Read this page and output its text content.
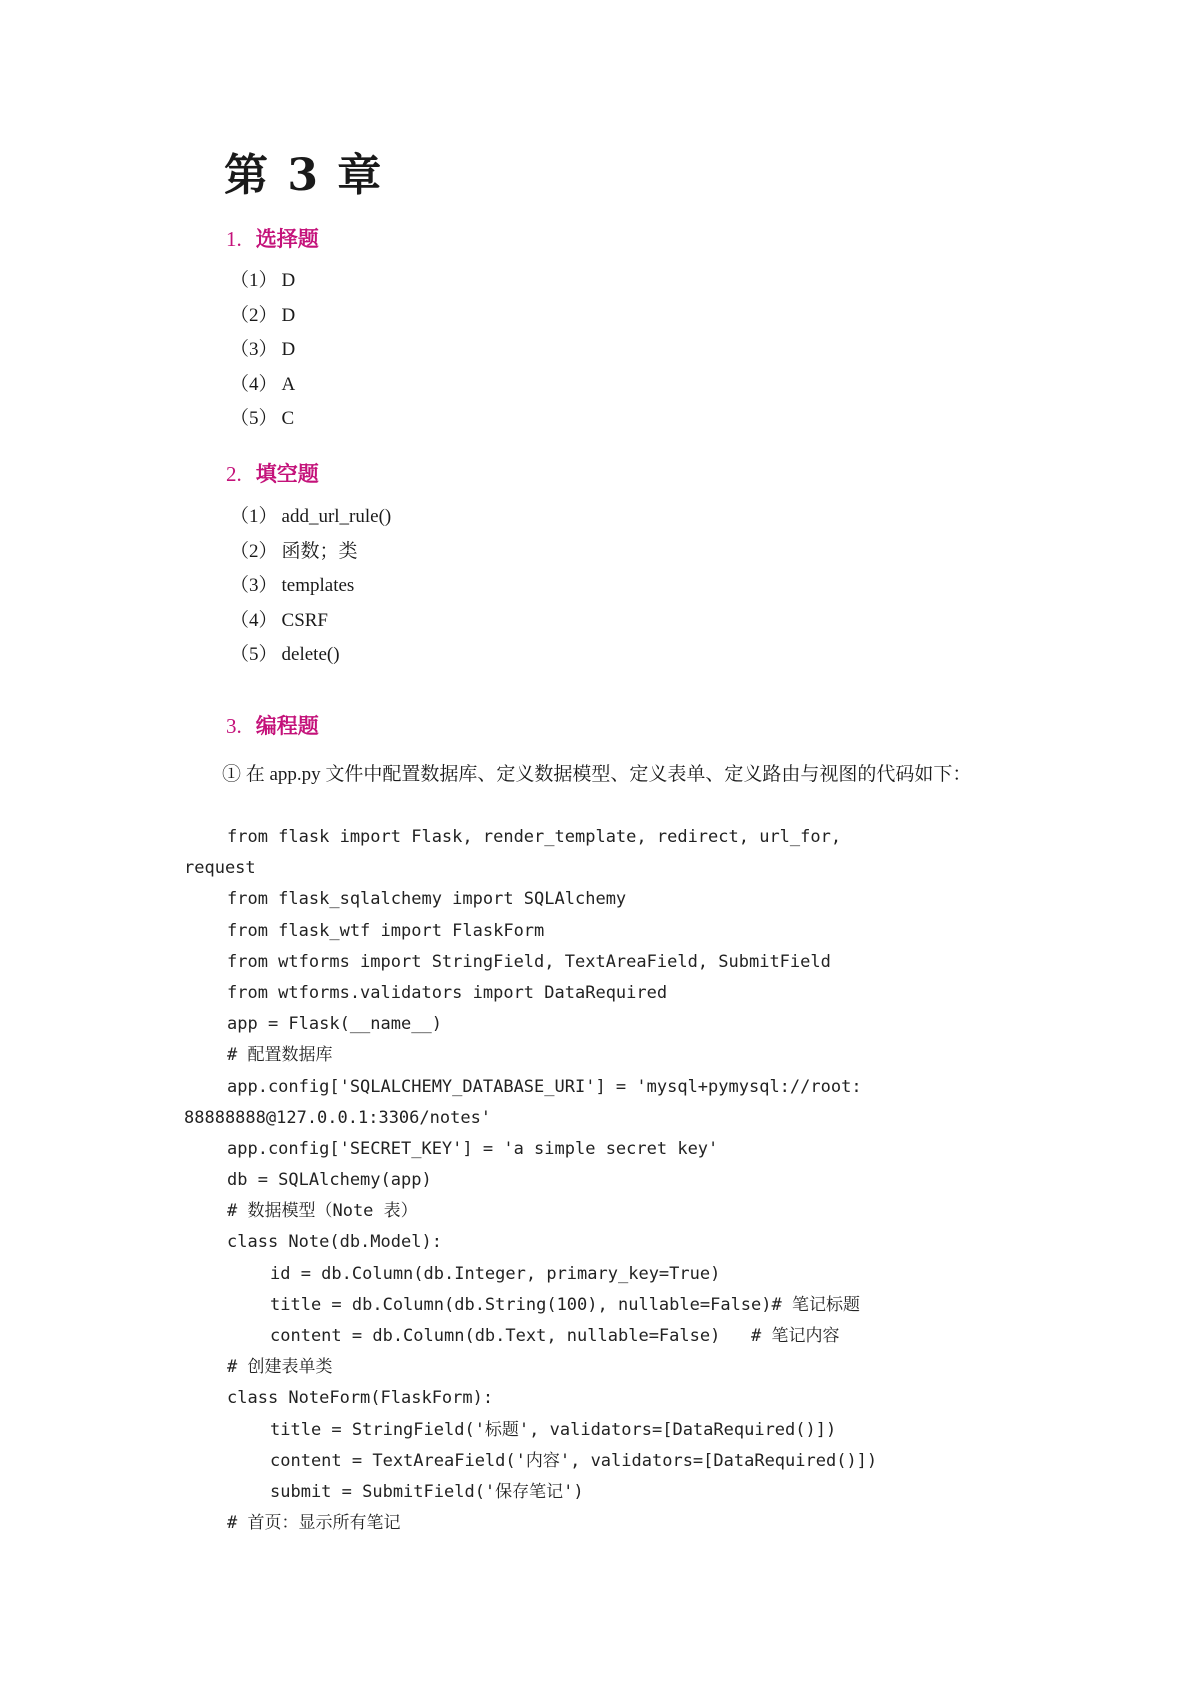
第 3 章
1. 选择题
（1） D
（2） D
（3） D
（4） A
（5） C
2. 填空题
（1） add_url_rule()
（2） 函数；类
（3） templates
（4） CSRF
（5） delete()
3. 编程题

① 在 app.py 文件中配置数据库、定义数据模型、定义表单、定义路由与视图的代码如下：

from flask import Flask, render_template, redirect, url_for,
request
from flask_sqlalchemy import SQLAlchemy
from flask_wtf import FlaskForm
from wtforms import StringField, TextAreaField, SubmitField
from wtforms.validators import DataRequired
app = Flask(__name__)
# 配置数据库
app.config['SQLALCHEMY_DATABASE_URI'] = 'mysql+pymysql://root:
88888888@127.0.0.1:3306/notes'
app.config['SECRET_KEY'] = 'a simple secret key'
db = SQLAlchemy(app)
# 数据模型（Note 表）
class Note(db.Model):
id = db.Column(db.Integer, primary_key=True)
title = db.Column(db.String(100), nullable=False)# 笔记标题
content = db.Column(db.Text, nullable=False)   # 笔记内容
# 创建表单类
class NoteForm(FlaskForm):
title = StringField('标题', validators=[DataRequired()])
content = TextAreaField('内容', validators=[DataRequired()])
submit = SubmitField('保存笔记')
# 首页：显示所有笔记
